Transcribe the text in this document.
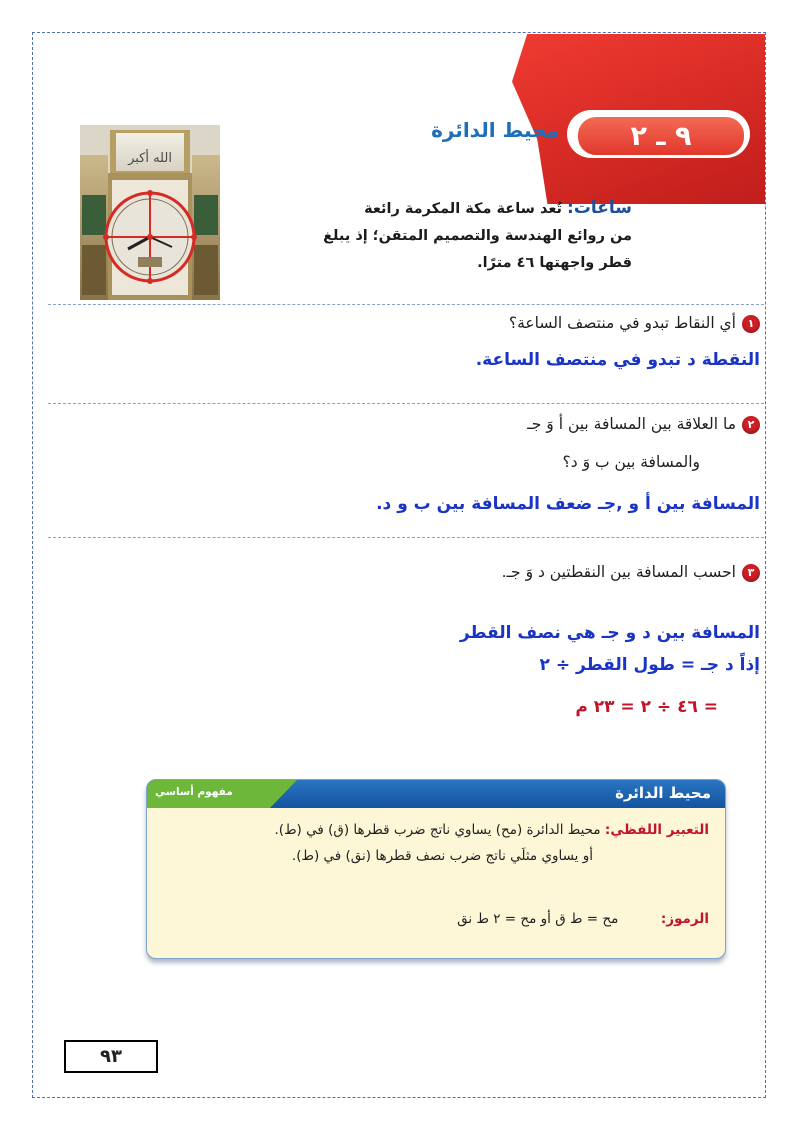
٩ ـ ٢
محيط الدائرة
الله أكبر
ساعات: تُعد ساعة مكة المكرمة رائعة
من روائع الهندسة والتصميم المتقن؛ إذ يبلغ
قطر واجهتها ٤٦ مترًا.
١أي النقاط تبدو في منتصف الساعة؟
النقطة د تبدو في منتصف الساعة.
٢ما العلاقة بين المسافة بين أ وَ جـ
والمسافة بين ب وَ د؟
المسافة بين أ و ,جـ ضعف المسافة بين ب و د.
٣احسب المسافة بين النقطتين د وَ جـ.
المسافة بين د و جـ هي نصف القطر
إذاً د جـ = طول القطر ÷ ٢
= ٤٦ ÷ ٢ = ٢٣ م
مفهوم أساسي	محيط الدائرة
التعبير اللفظي: محيط الدائرة (مح) يساوي ناتج ضرب قطرها (ق) في (ط).
أو يساوي مثلَي ناتج ضرب نصف قطرها (نق) في (ط).
الرموز:  مح = ط ق أو مح = ٢ ط نق
٩٣
